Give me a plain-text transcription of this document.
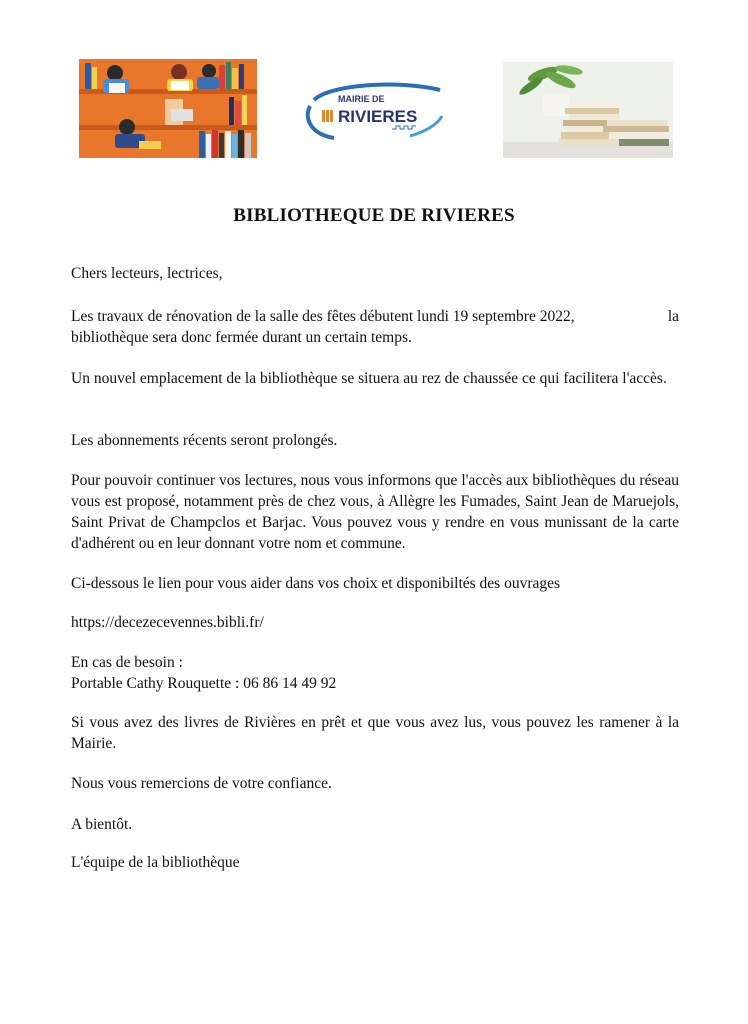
MAIRIE DE
RIVIERES
BIBLIOTHEQUE DE RIVIERES
Chers lecteurs, lectrices,
Les travaux de rénovation de la salle des fêtes débutent lundi 19 septembre 2022,	la
bibliothèque sera donc fermée durant un certain temps.

Un nouvel emplacement de la bibliothèque se situera au rez de chaussée ce qui facilitera l'accès.

Les abonnements récents seront prolongés.

Pour pouvoir continuer vos lectures, nous vous informons que l'accès aux bibliothèques du réseau vous est proposé, notamment près de chez vous, à Allègre les Fumades, Saint Jean de Maruejols, Saint Privat de Champclos et Barjac. Vous pouvez vous y rendre en vous munissant de la carte d'adhérent ou en leur donnant votre nom et commune.

Ci-dessous le lien pour vous aider dans vos choix et disponibiltés des ouvrages

https://decezecevennes.bibli.fr/

En cas de besoin :
Portable Cathy Rouquette : 06 86 14 49 92

Si vous avez des livres de Rivières en prêt et que vous avez lus, vous pouvez les ramener à la Mairie.

Nous vous remercions de votre confiance.

A bientôt.

L'équipe de la bibliothèque
